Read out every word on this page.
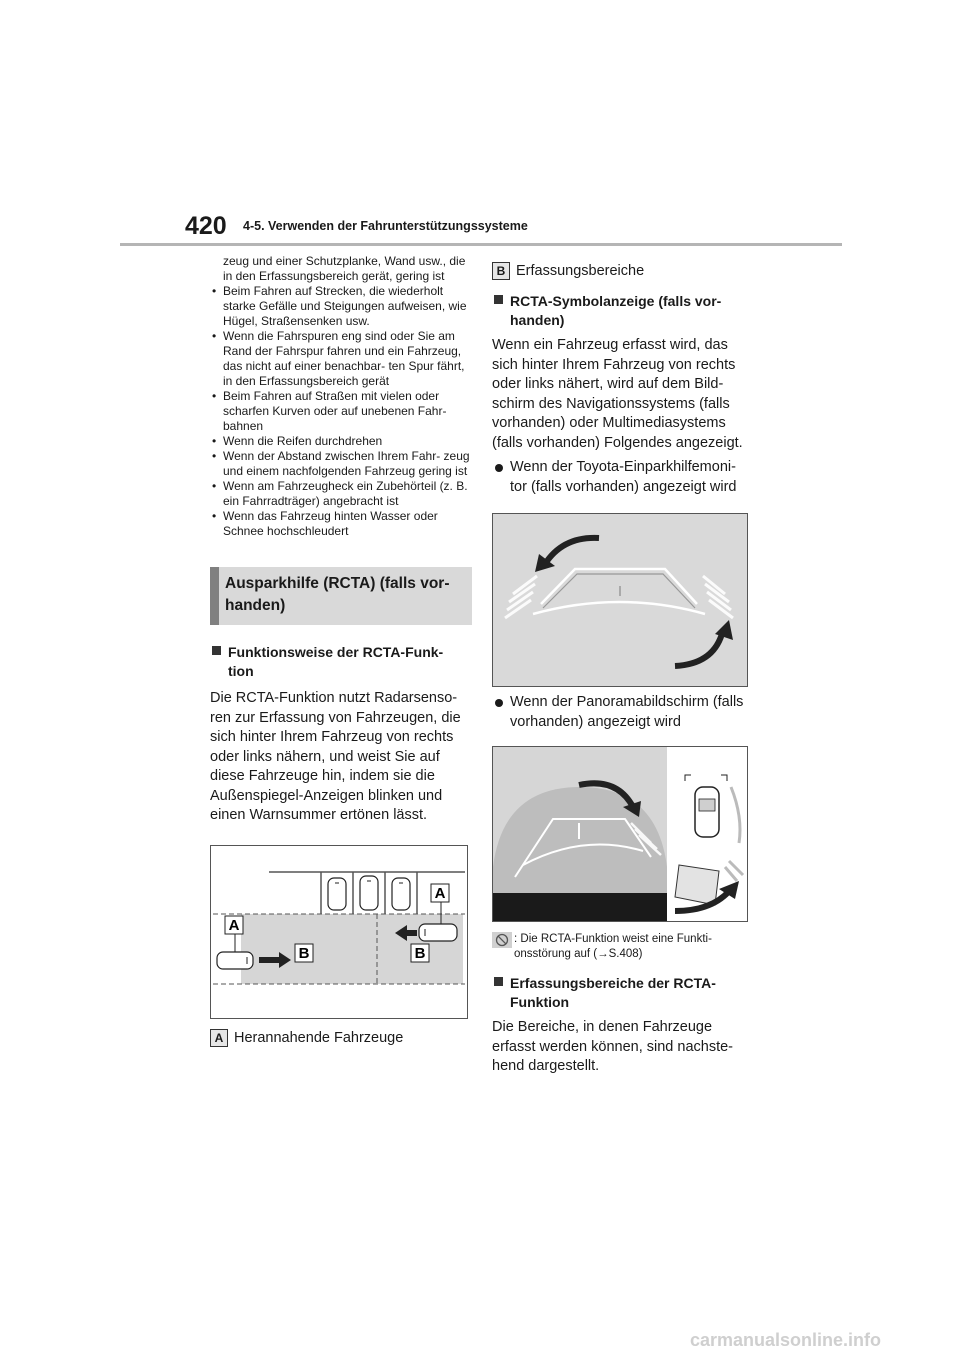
420 4-5. Verwenden der Fahrunterstützungssysteme

zeug und einer Schutzplanke, Wand usw., die in den Erfassungsbereich gerät, gering ist

• Beim Fahren auf Strecken, die wiederholt starke Gefälle und Steigungen aufweisen, wie Hügel, Straßensenken usw.
• Wenn die Fahrspuren eng sind oder Sie am Rand der Fahrspur fahren und ein Fahrzeug, das nicht auf einer benachbar- ten Spur fährt, in den Erfassungsbereich gerät
• Beim Fahren auf Straßen mit vielen oder scharfen Kurven oder auf unebenen Fahr- bahnen
• Wenn die Reifen durchdrehen
• Wenn der Abstand zwischen Ihrem Fahr- zeug und einem nachfolgenden Fahrzeug gering ist
• Wenn am Fahrzeugheck ein Zubehörteil (z. B. ein Fahrradträger) angebracht ist
• Wenn das Fahrzeug hinten Wasser oder Schnee hochschleudert
Ausparkhilfe (RCTA) (falls vor- handen)
Funktionsweise der RCTA-Funk- tion
Die RCTA-Funktion nutzt Radarsenso- ren zur Erfassung von Fahrzeugen, die sich hinter Ihrem Fahrzeug von rechts oder links nähern, und weist Sie auf diese Fahrzeuge hin, indem sie die Außenspiegel-Anzeigen blinken und einen Warnsummer ertönen lässt.
A
A
B	B
A Herannahende Fahrzeuge
B Erfassungsbereiche
RCTA-Symbolanzeige (falls vor- handen)
Wenn ein Fahrzeug erfasst wird, das sich hinter Ihrem Fahrzeug von rechts oder links nähert, wird auf dem Bild- schirm des Navigationssystems (falls vorhanden) oder Multimediasystems (falls vorhanden) Folgendes angezeigt.
Wenn der Toyota-Einparkhilfemoni- tor (falls vorhanden) angezeigt wird
Wenn der Panoramabildschirm (falls vorhanden) angezeigt wird
: Die RCTA-Funktion weist eine Funkti- onsstörung auf (→S.408)
Erfassungsbereiche der RCTA- Funktion
Die Bereiche, in denen Fahrzeuge erfasst werden können, sind nachste- hend dargestellt.
carmanualsonline.info
